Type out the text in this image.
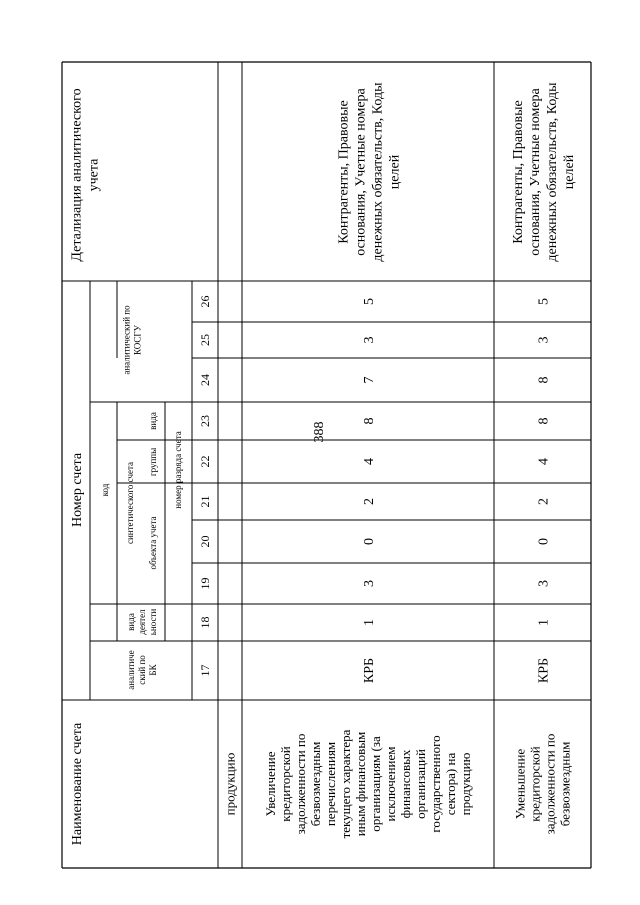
388
Наименование счета
Номер счета код
аналитический поБК
видадеятельности
синтетического счета объекта учета
группы
вида
аналитический поКОСГУ
номер разряда счета
Детализация аналитического учета
17
18
19
20
21
22
23
24
25
26
продукцию Увеличениекредиторскойзадолженности побезвозмезднымперечислениямтекущего характераиным финансовыморганизациям (заисключениемфинансовыхорганизацийгосударственногосектора) напродукцию
КРБ
1
3
0
2
4
8
7
3
5
Контрагенты, Правовые основания, Учетные номера денежных обязательств, Коды целей
Уменьшениекредиторскойзадолженности побезвозмездным
КРБ
1
3
0
2
4
8
8
3
5
Контрагенты, Правовые основания, Учетные номера денежных обязательств, Коды целей
